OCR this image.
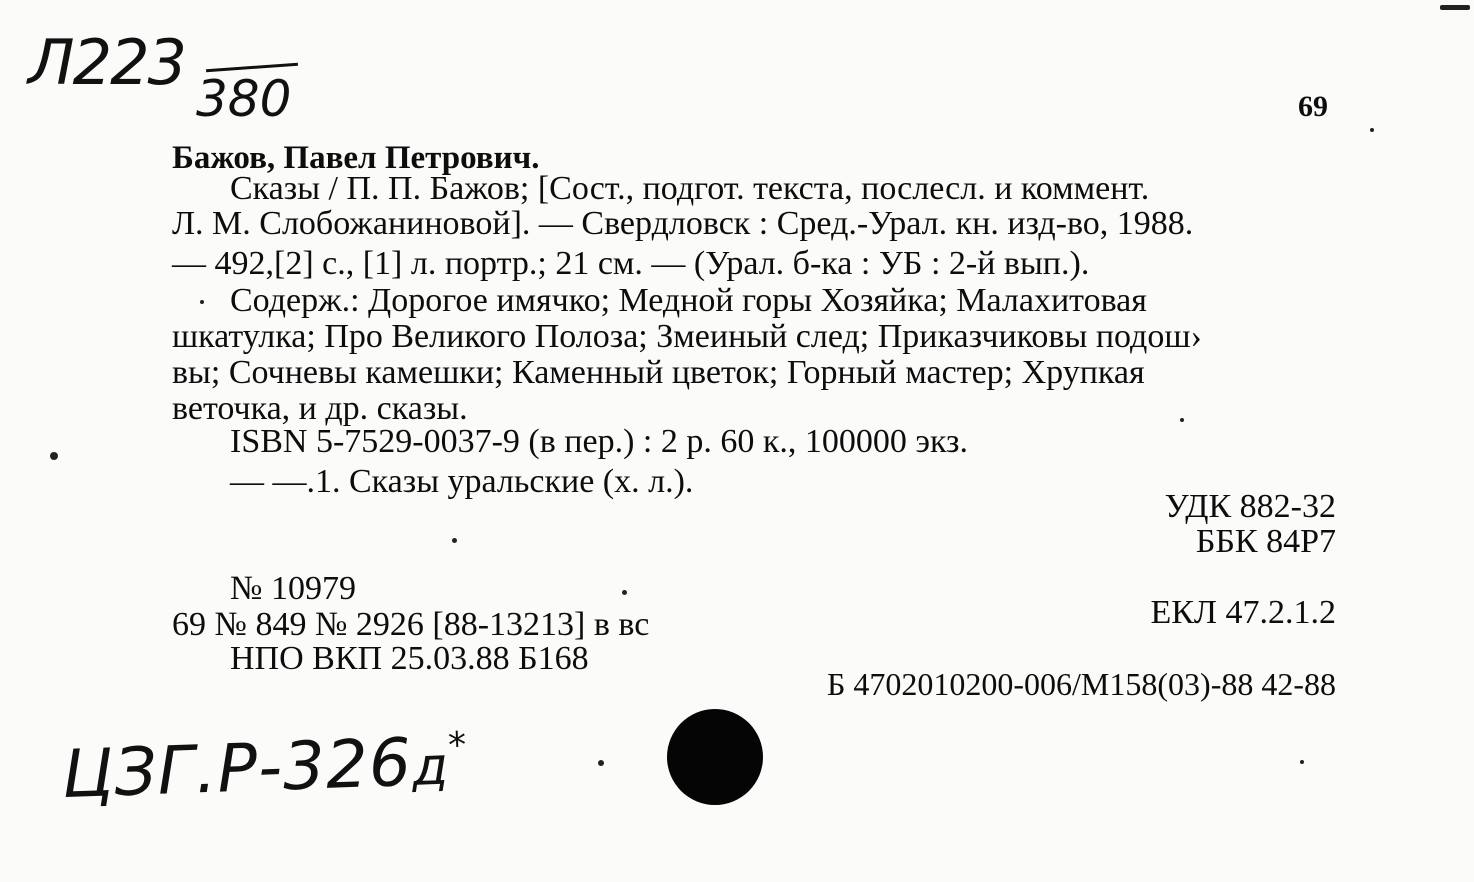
Л223 380	69
Бажов, Павел Петрович.
Сказы / П. П. Бажов; [Сост., подгот. текста, послесл. и коммент.
Л. М. Слобожаниновой]. — Свердловск : Сред.-Урал. кн. изд-во, 1988.
— 492,[2] с., [1] л. портр.; 21 см. — (Урал. б-ка : УБ : 2-й вып.).
Содерж.: Дорогое имячко; Медной горы Хозяйка; Малахитовая
шкатулка; Про Великого Полоза; Змеиный след; Приказчиковы подош›
вы; Сочневы камешки; Каменный цветок; Горный мастер; Хрупкая
веточка, и др. сказы.
ISBN 5-7529-0037-9 (в пер.) : 2 р. 60 к., 100000 экз.
— —.1. Сказы уральские (х. л.).
УДК 882-32
ББК 84Р7
ЕКЛ 47.2.1.2
Б 4702010200-006/М158(03)-88 42-88
№ 10979
69 № 849 № 2926 [88-13213] в вс
НПО ВКП 25.03.88 Б168
ЦЗГ.Р-326д*
